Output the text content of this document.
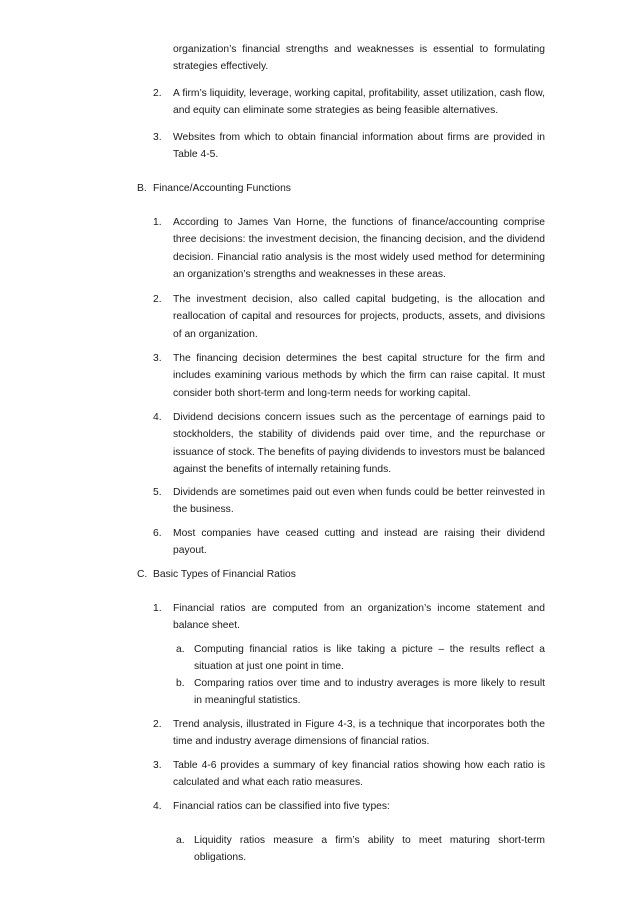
organization’s financial strengths and weaknesses is essential to formulating strategies effectively.
2. A firm’s liquidity, leverage, working capital, profitability, asset utilization, cash flow, and equity can eliminate some strategies as being feasible alternatives.
3. Websites from which to obtain financial information about firms are provided in Table 4-5.
B. Finance/Accounting Functions
1. According to James Van Horne, the functions of finance/accounting comprise three decisions: the investment decision, the financing decision, and the dividend decision. Financial ratio analysis is the most widely used method for determining an organization’s strengths and weaknesses in these areas.
2. The investment decision, also called capital budgeting, is the allocation and reallocation of capital and resources for projects, products, assets, and divisions of an organization.
3. The financing decision determines the best capital structure for the firm and includes examining various methods by which the firm can raise capital. It must consider both short-term and long-term needs for working capital.
4. Dividend decisions concern issues such as the percentage of earnings paid to stockholders, the stability of dividends paid over time, and the repurchase or issuance of stock. The benefits of paying dividends to investors must be balanced against the benefits of internally retaining funds.
5. Dividends are sometimes paid out even when funds could be better reinvested in the business.
6. Most companies have ceased cutting and instead are raising their dividend payout.
C. Basic Types of Financial Ratios
1. Financial ratios are computed from an organization’s income statement and balance sheet.
a. Computing financial ratios is like taking a picture – the results reflect a situation at just one point in time.
b. Comparing ratios over time and to industry averages is more likely to result in meaningful statistics.
2. Trend analysis, illustrated in Figure 4-3, is a technique that incorporates both the time and industry average dimensions of financial ratios.
3. Table 4-6 provides a summary of key financial ratios showing how each ratio is calculated and what each ratio measures.
4. Financial ratios can be classified into five types:
a. Liquidity ratios measure a firm’s ability to meet maturing short-term obligations.
